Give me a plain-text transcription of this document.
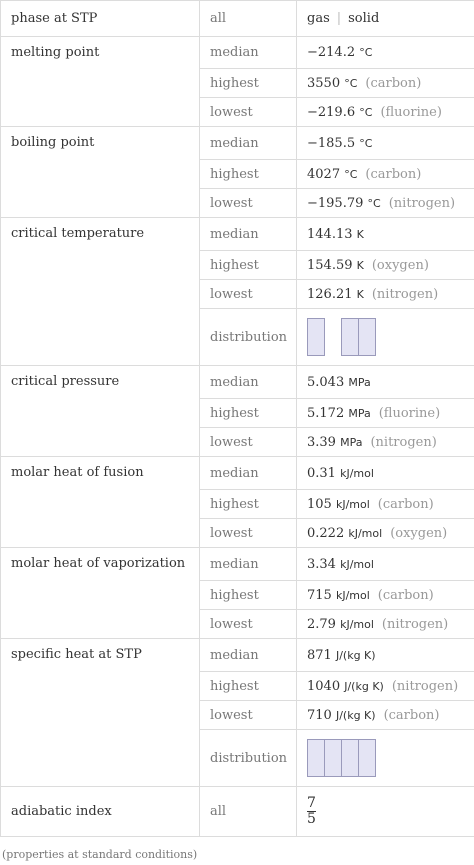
phase at STP	all	gas | solid
melting point	median	−214.2 °C
	highest	3550 °C (carbon)
	lowest	−219.6 °C (fluorine)
boiling point	median	−185.5 °C
	highest	4027 °C (carbon)
	lowest	−195.79 °C (nitrogen)
critical temperature	median	144.13 K
	highest	154.59 K (oxygen)
	lowest	126.21 K (nitrogen)
	distribution	

critical pressure	median	5.043 MPa
	highest	5.172 MPa (fluorine)
	lowest	3.39 MPa (nitrogen)
molar heat of fusion	median	0.31 kJ/mol
	highest	105 kJ/mol (carbon)
	lowest	0.222 kJ/mol (oxygen)
molar heat of vaporization	median	3.34 kJ/mol
	highest	715 kJ/mol (carbon)
	lowest	2.79 kJ/mol (nitrogen)
specific heat at STP	median	871 J/(kg K)
	highest	1040 J/(kg K) (nitrogen)
	lowest	710 J/(kg K) (carbon)
	distribution	

adiabatic index	all	$\frac{7}{5}$
(properties at standard conditions)
